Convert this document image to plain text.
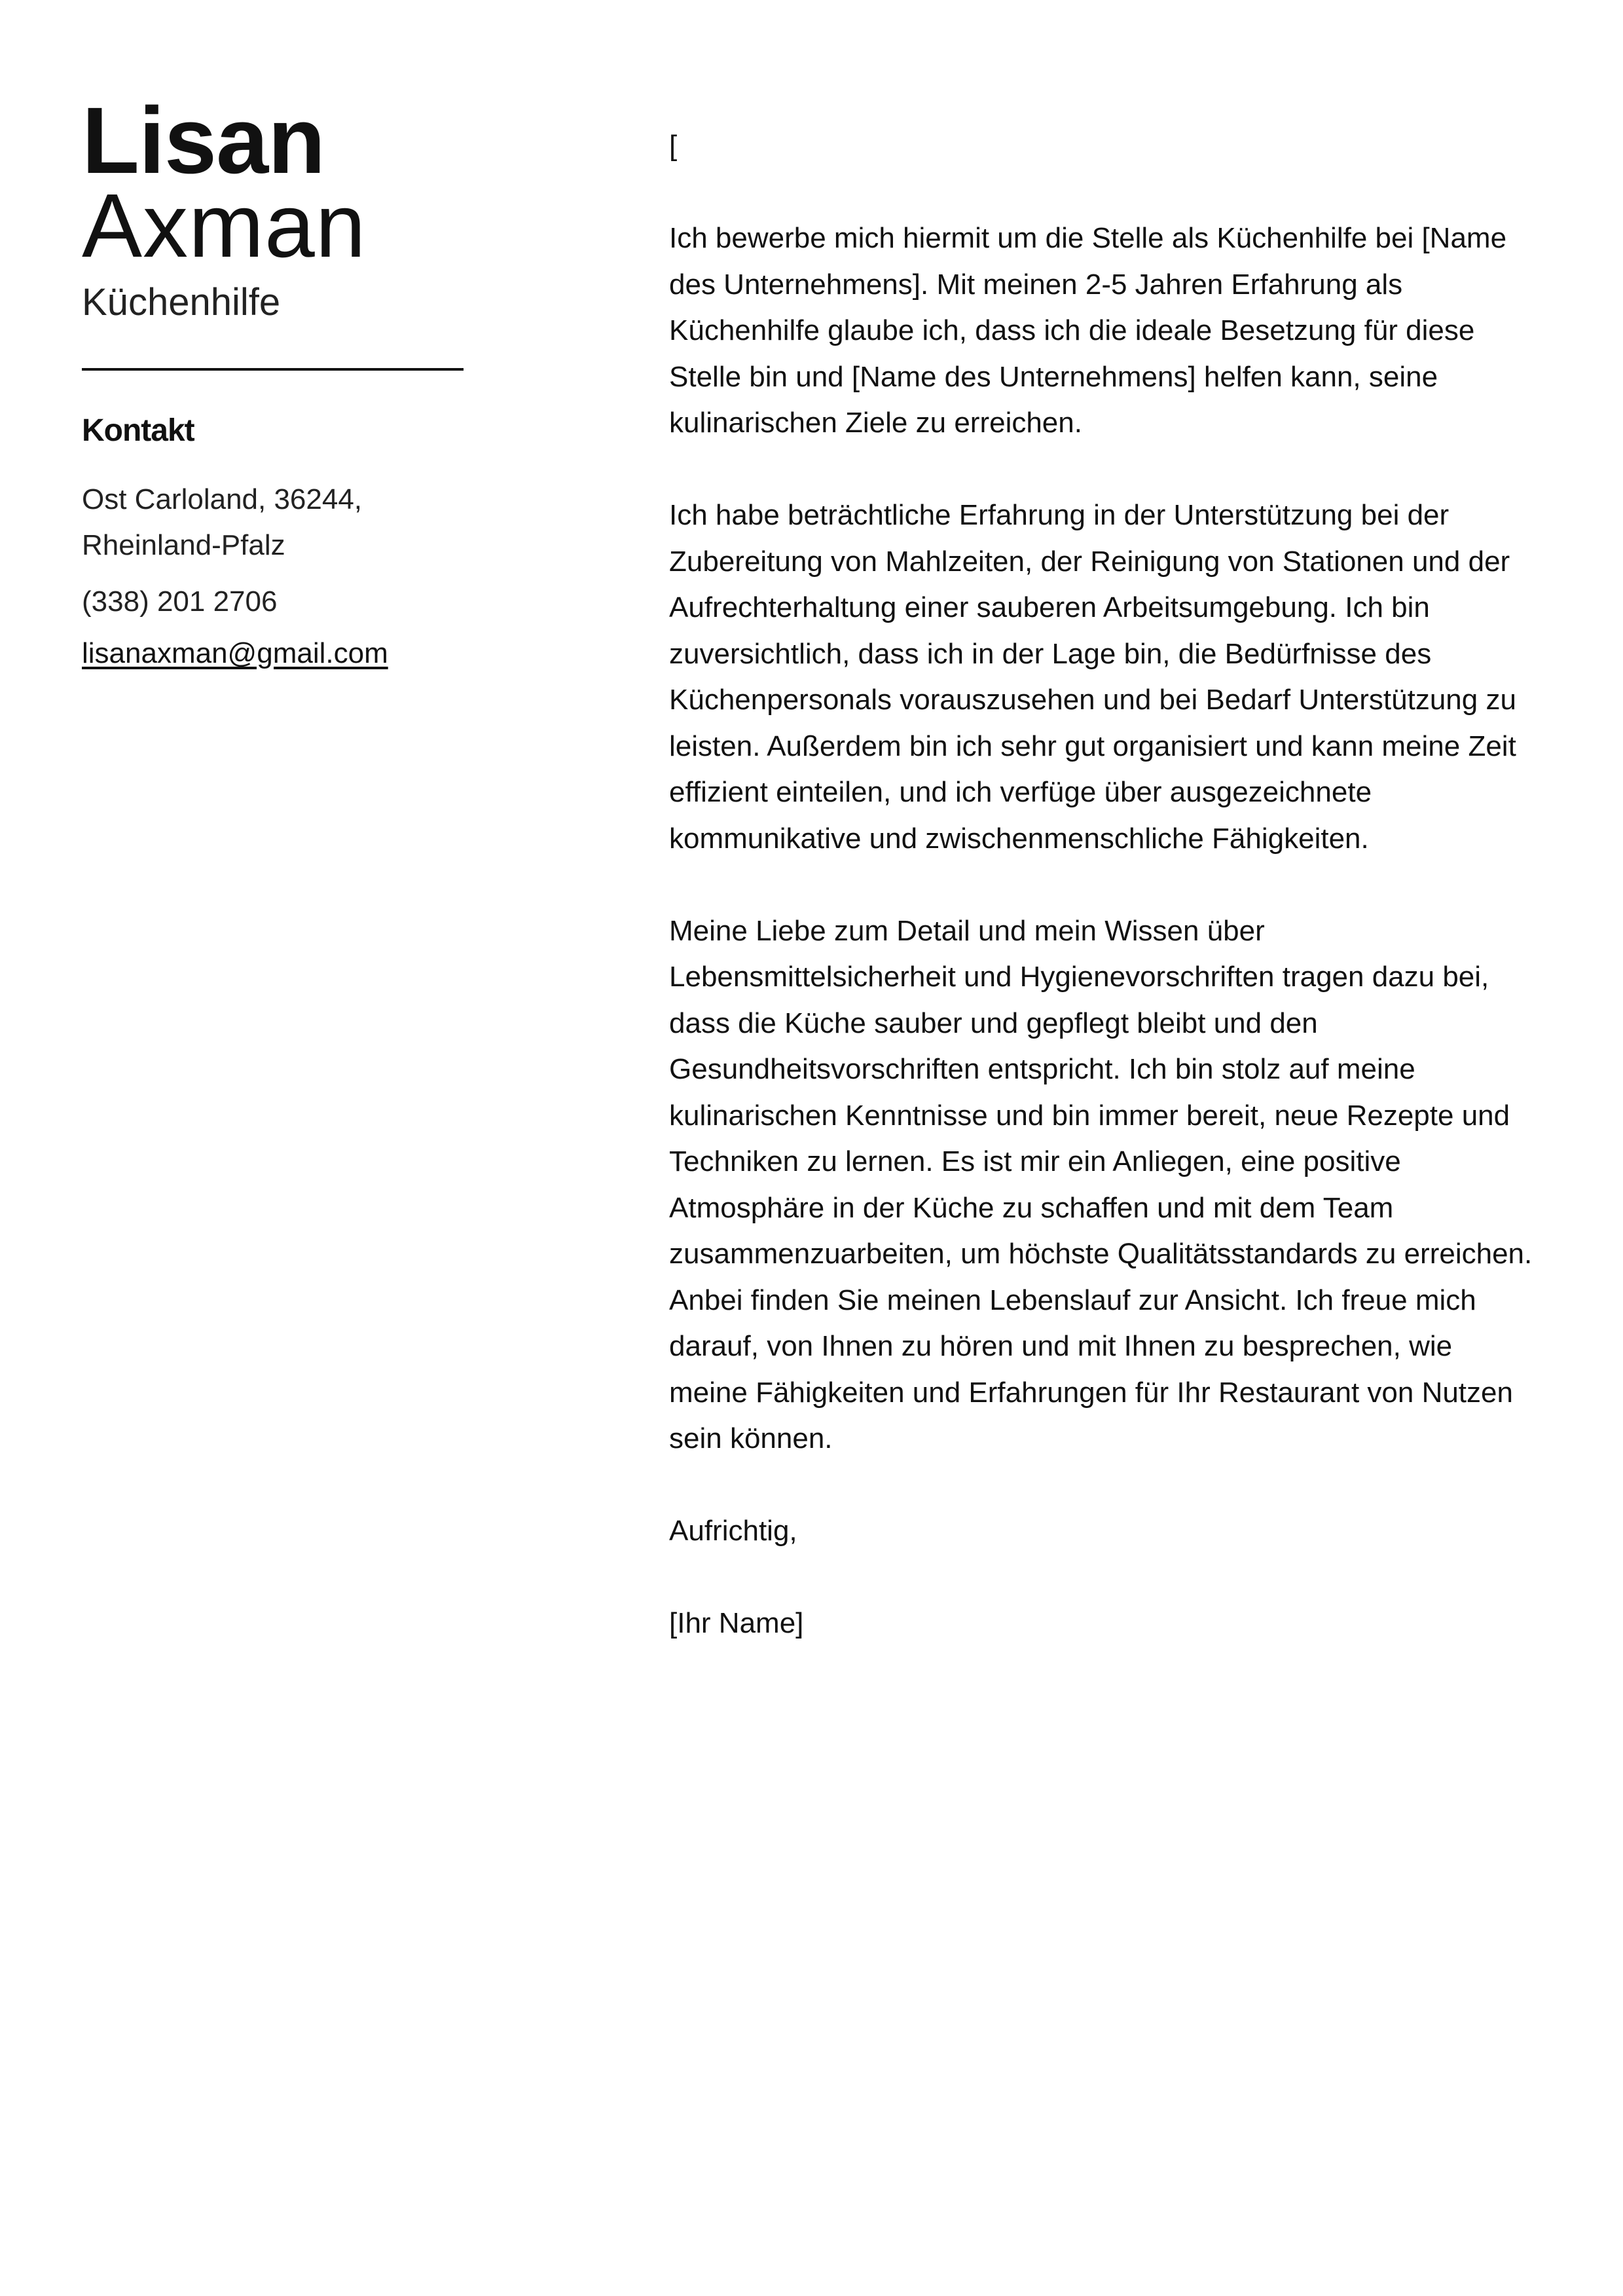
Lisan
Axman
Küchenhilfe
Kontakt
Ost Carloland, 36244,
Rheinland-Pfalz
(338) 201 2706
lisanaxman@gmail.com

[

Ich bewerbe mich hiermit um die Stelle als Küchenhilfe bei [Name des Unternehmens]. Mit meinen 2-5 Jahren Erfahrung als Küchenhilfe glaube ich, dass ich die ideale Besetzung für diese Stelle bin und [Name des Unternehmens] helfen kann, seine kulinarischen Ziele zu erreichen.

Ich habe beträchtliche Erfahrung in der Unterstützung bei der Zubereitung von Mahlzeiten, der Reinigung von Stationen und der Aufrechterhaltung einer sauberen Arbeitsumgebung. Ich bin zuversichtlich, dass ich in der Lage bin, die Bedürfnisse des Küchenpersonals vorauszusehen und bei Bedarf Unterstützung zu leisten. Außerdem bin ich sehr gut organisiert und kann meine Zeit effizient einteilen, und ich verfüge über ausgezeichnete kommunikative und zwischenmenschliche Fähigkeiten.

Meine Liebe zum Detail und mein Wissen über Lebensmittelsicherheit und Hygienevorschriften tragen dazu bei, dass die Küche sauber und gepflegt bleibt und den Gesundheitsvorschriften entspricht. Ich bin stolz auf meine kulinarischen Kenntnisse und bin immer bereit, neue Rezepte und Techniken zu lernen. Es ist mir ein Anliegen, eine positive Atmosphäre in der Küche zu schaffen und mit dem Team zusammenzuarbeiten, um höchste Qualitätsstandards zu erreichen. Anbei finden Sie meinen Lebenslauf zur Ansicht. Ich freue mich darauf, von Ihnen zu hören und mit Ihnen zu besprechen, wie meine Fähigkeiten und Erfahrungen für Ihr Restaurant von Nutzen sein können.

Aufrichtig,

[Ihr Name]
